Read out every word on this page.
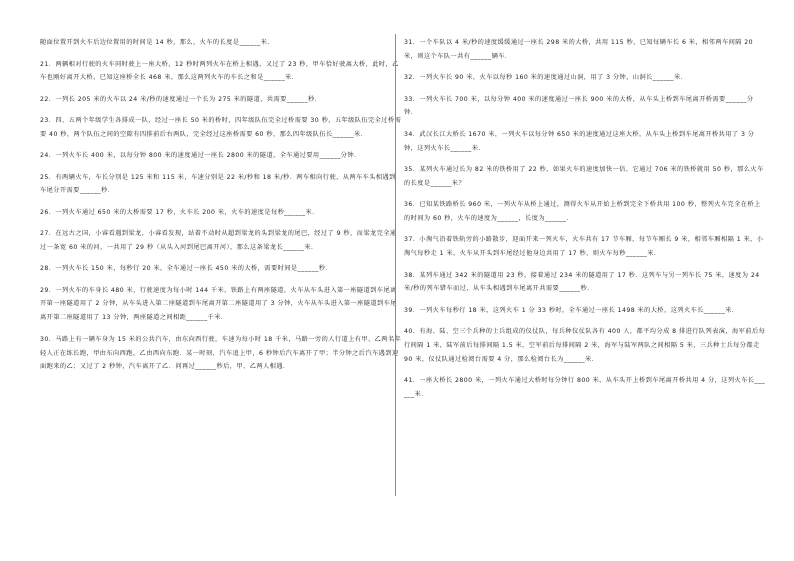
随面位置开到火车后边位置用的时间是 14 秒，那么，火车的长度是______米．

21．两辆相对行驶的火车同时驶上一座大桥，12 秒时两列火车在桥上相遇，又过了 23 秒，甲车恰好驶离大桥，此时，乙车也刚好离开大桥，已知这座桥全长 468 米，那么这两列火车的车长之和是______米．

22．一列长 205 米的火车以 24 米/秒的速度通过一个长为 275 米的隧道，共需要______秒．

23．四、五两个年级学生各排成一队，经过一座长 50 米的桥时，四年级队伍完全过桥需要 30 秒，五年级队伍完全过桥需要 40 秒，两个队伍之间的空隙有四排前后右两队，完全经过这座桥需要 60 秒，那么四年级队伍长______米．

24．一列火车长 400 米，以每分钟 800 米的速度通过一座长 2800 米的隧道，全车通过要用______分钟．

25．有两辆火车，车长分别是 125 米和 115 米，车速分别是 22 米/秒和 18 米/秒．两车相向行驶，从两车车头相遇到车尾分开需要______秒．

26．一列火车通过 650 米的大桥需要 17 秒，火车长 200 米，火车的速度是每秒______米．

27．在远古之国，小睿看遇到梁龙，小睿看发现，站着不动时从超到梁龙的头到梁龙的尾巴，经过了 9 秒，而梁龙完全通过一条宽 60 米的河，一共用了 29 秒（从头入河到尾巴离开河），那么这条梁龙长______米．

28．一列火车长 150 米，每秒行 20 米，全车通过一座长 450 米的大桥，需要时间是______秒．

29．一列火车的车身长 480 米，行驶速度为每小时 144 千米，铁路上有两座隧道，火车从车头进入第一座隧道到车尾离开第一座隧道用了 2 分钟，从车头进入第二座隧道到车尾离开第二座隧道用了 3 分钟，火车从车头进入第一座隧道到车尾离开第二座隧道用了 13 分钟，两座隧道之间相距______千米．

30．马路上有一辆车身为 15 米的公共汽车，由东向西行驶，车速为每小时 18 千米，马路一旁的人行道上有甲、乙两名年轻人正在练长跑，甲由东向西跑，乙由西向东跑．某一时刻，汽车追上甲，6 秒钟后汽车离开了甲；半分钟之后汽车遇到迎面跑来的乙；又过了 2 秒钟，汽车离开了乙．问再过______秒后，甲、乙两人相遇．

31．一个车队以 4 米/秒的速度缓缓通过一座长 298 米的大桥，共用 115 秒，已知每辆车长 6 米，相邻两车间隔 20 米，则这个车队一共有______辆车．

32．一列火车长 90 米，火车以每秒 160 米的速度通过山洞，用了 3 分钟，山洞长______米．

33．一列火车长 700 米，以每分钟 400 米的速度通过一座长 900 米的大桥，从车头上桥到车尾离开桥需要______分钟．

34．武汉长江大桥长 1670 米，一列火车以每分钟 650 米的速度通过这座大桥，从车头上桥到车尾离开桥共用了 3 分钟，这列火车长______米．

35．某列火车通过长为 82 米的铁桥用了 22 秒，如果火车的速度加快一倍，它通过 706 米的铁桥就用 50 秒，那么火车的长度是______米？

36．已知某铁路桥长 960 米，一列火车从桥上通过，测得火车从开始上桥到完全下桥共用 100 秒，整列火车完全在桥上的时间为 60 秒，火车的速度为______，长度为______．

37．小淘气沿着铁轨旁的小路散步，迎面开来一列火车，火车共有 17 节车厢，每节车厢长 9 米，相邻车厢相隔 1 米，小淘气每秒走 1 米，火车从开头到车尾经过他身边共用了 17 秒，则火车每秒______米．

38．某列车通过 342 米的隧道用 23 秒，接着通过 234 米的隧道用了 17 秒．这列车与另一列车长 75 米，速度为 24 米/秒的列车错车而过，从车头相遇到车尾离开共需要______秒．

39．一列火车每秒行 18 米，这列火车 1 分 33 秒时，全车通过一座长 1498 米的大桥，这列火车长______米．

40．有海、陆、空三个兵种的士兵组成的仪仗队，每兵种仪仗队各有 400 人，都平均分成 8 排进行队列表演，海军前后每行间隔 1 米，陆军前后每排间隔 1.5 米，空军前后每排间隔 2 米，海军与陆军两队之间相隔 5 米，三兵种士兵每分都走 90 米，仪仗队通过检阅台需要 4 分，那么检阅台长为______米．

41．一座大桥长 2800 米，一列火车通过大桥时每分钟行 800 米，从车头开上桥到车尾离开桥共用 4 分，这列火车长______米．
